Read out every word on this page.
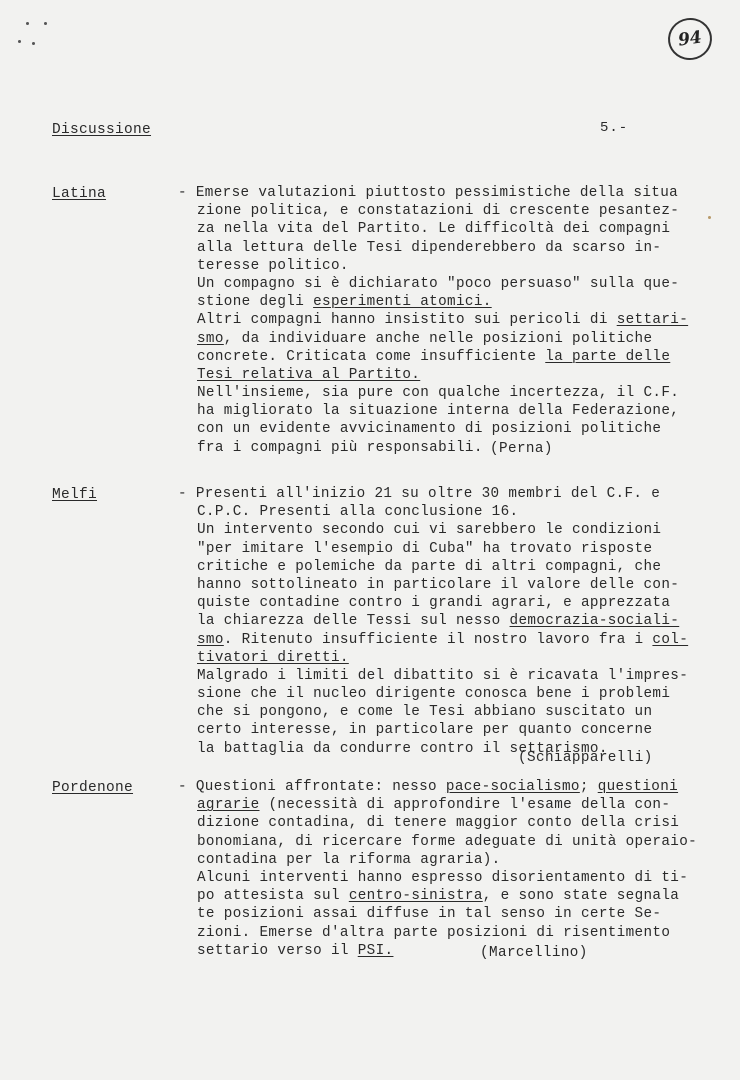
94
Discussione	5.-
Latina	- Emerse valutazioni piuttosto pessimistiche della situa
zione politica, e constatazioni di crescente pesantez-
za nella vita del Partito. Le difficoltà dei compagni
alla lettura delle Tesi dipenderebbero da scarso in-
teresse politico.
Un compagno si è dichiarato "poco persuaso" sulla que-
stione degli esperimenti atomici.
Altri compagni hanno insistito sui pericoli di settari-
smo, da individuare anche nelle posizioni politiche
concrete. Criticata come insufficiente la parte delle
Tesi relativa al Partito.
Nell'insieme, sia pure con qualche incertezza, il C.F.
ha migliorato la situazione interna della Federazione,
con un evidente avvicinamento di posizioni politiche
fra i compagni più responsabili. (Perna)
Melfi	- Presenti all'inizio 21 su oltre 30 membri del C.F. e
C.P.C. Presenti alla conclusione 16.
Un intervento secondo cui vi sarebbero le condizioni
"per imitare l'esempio di Cuba" ha trovato risposte
critiche e polemiche da parte di altri compagni, che
hanno sottolineato in particolare il valore delle con-
quiste contadine contro i grandi agrari, e apprezzata
la chiarezza delle Tessi sul nesso democrazia-sociali-
smo. Ritenuto insufficiente il nostro lavoro fra i col-
tivatori diretti.
Malgrado i limiti del dibattito si è ricavata l'impres-
sione che il nucleo dirigente conosca bene i problemi
che si pongono, e come le Tesi abbiano suscitato un
certo interesse, in particolare per quanto concerne
la battaglia da condurre contro il settarismo.
(Schiapparelli)
Pordenone	- Questioni affrontate: nesso pace-socialismo; questioni
agrarie (necessità di approfondire l'esame della con-
dizione contadina, di tenere maggior conto della crisi
bonomiana, di ricercare forme adeguate di unità operaio-
contadina per la riforma agraria).
Alcuni interventi hanno espresso disorientamento di ti-
po attesista sul centro-sinistra, e sono state segnala
te posizioni assai diffuse in tal senso in certe Se-
zioni. Emerse d'altra parte posizioni di risentimento
settario verso il PSI.	(Marcellino)
